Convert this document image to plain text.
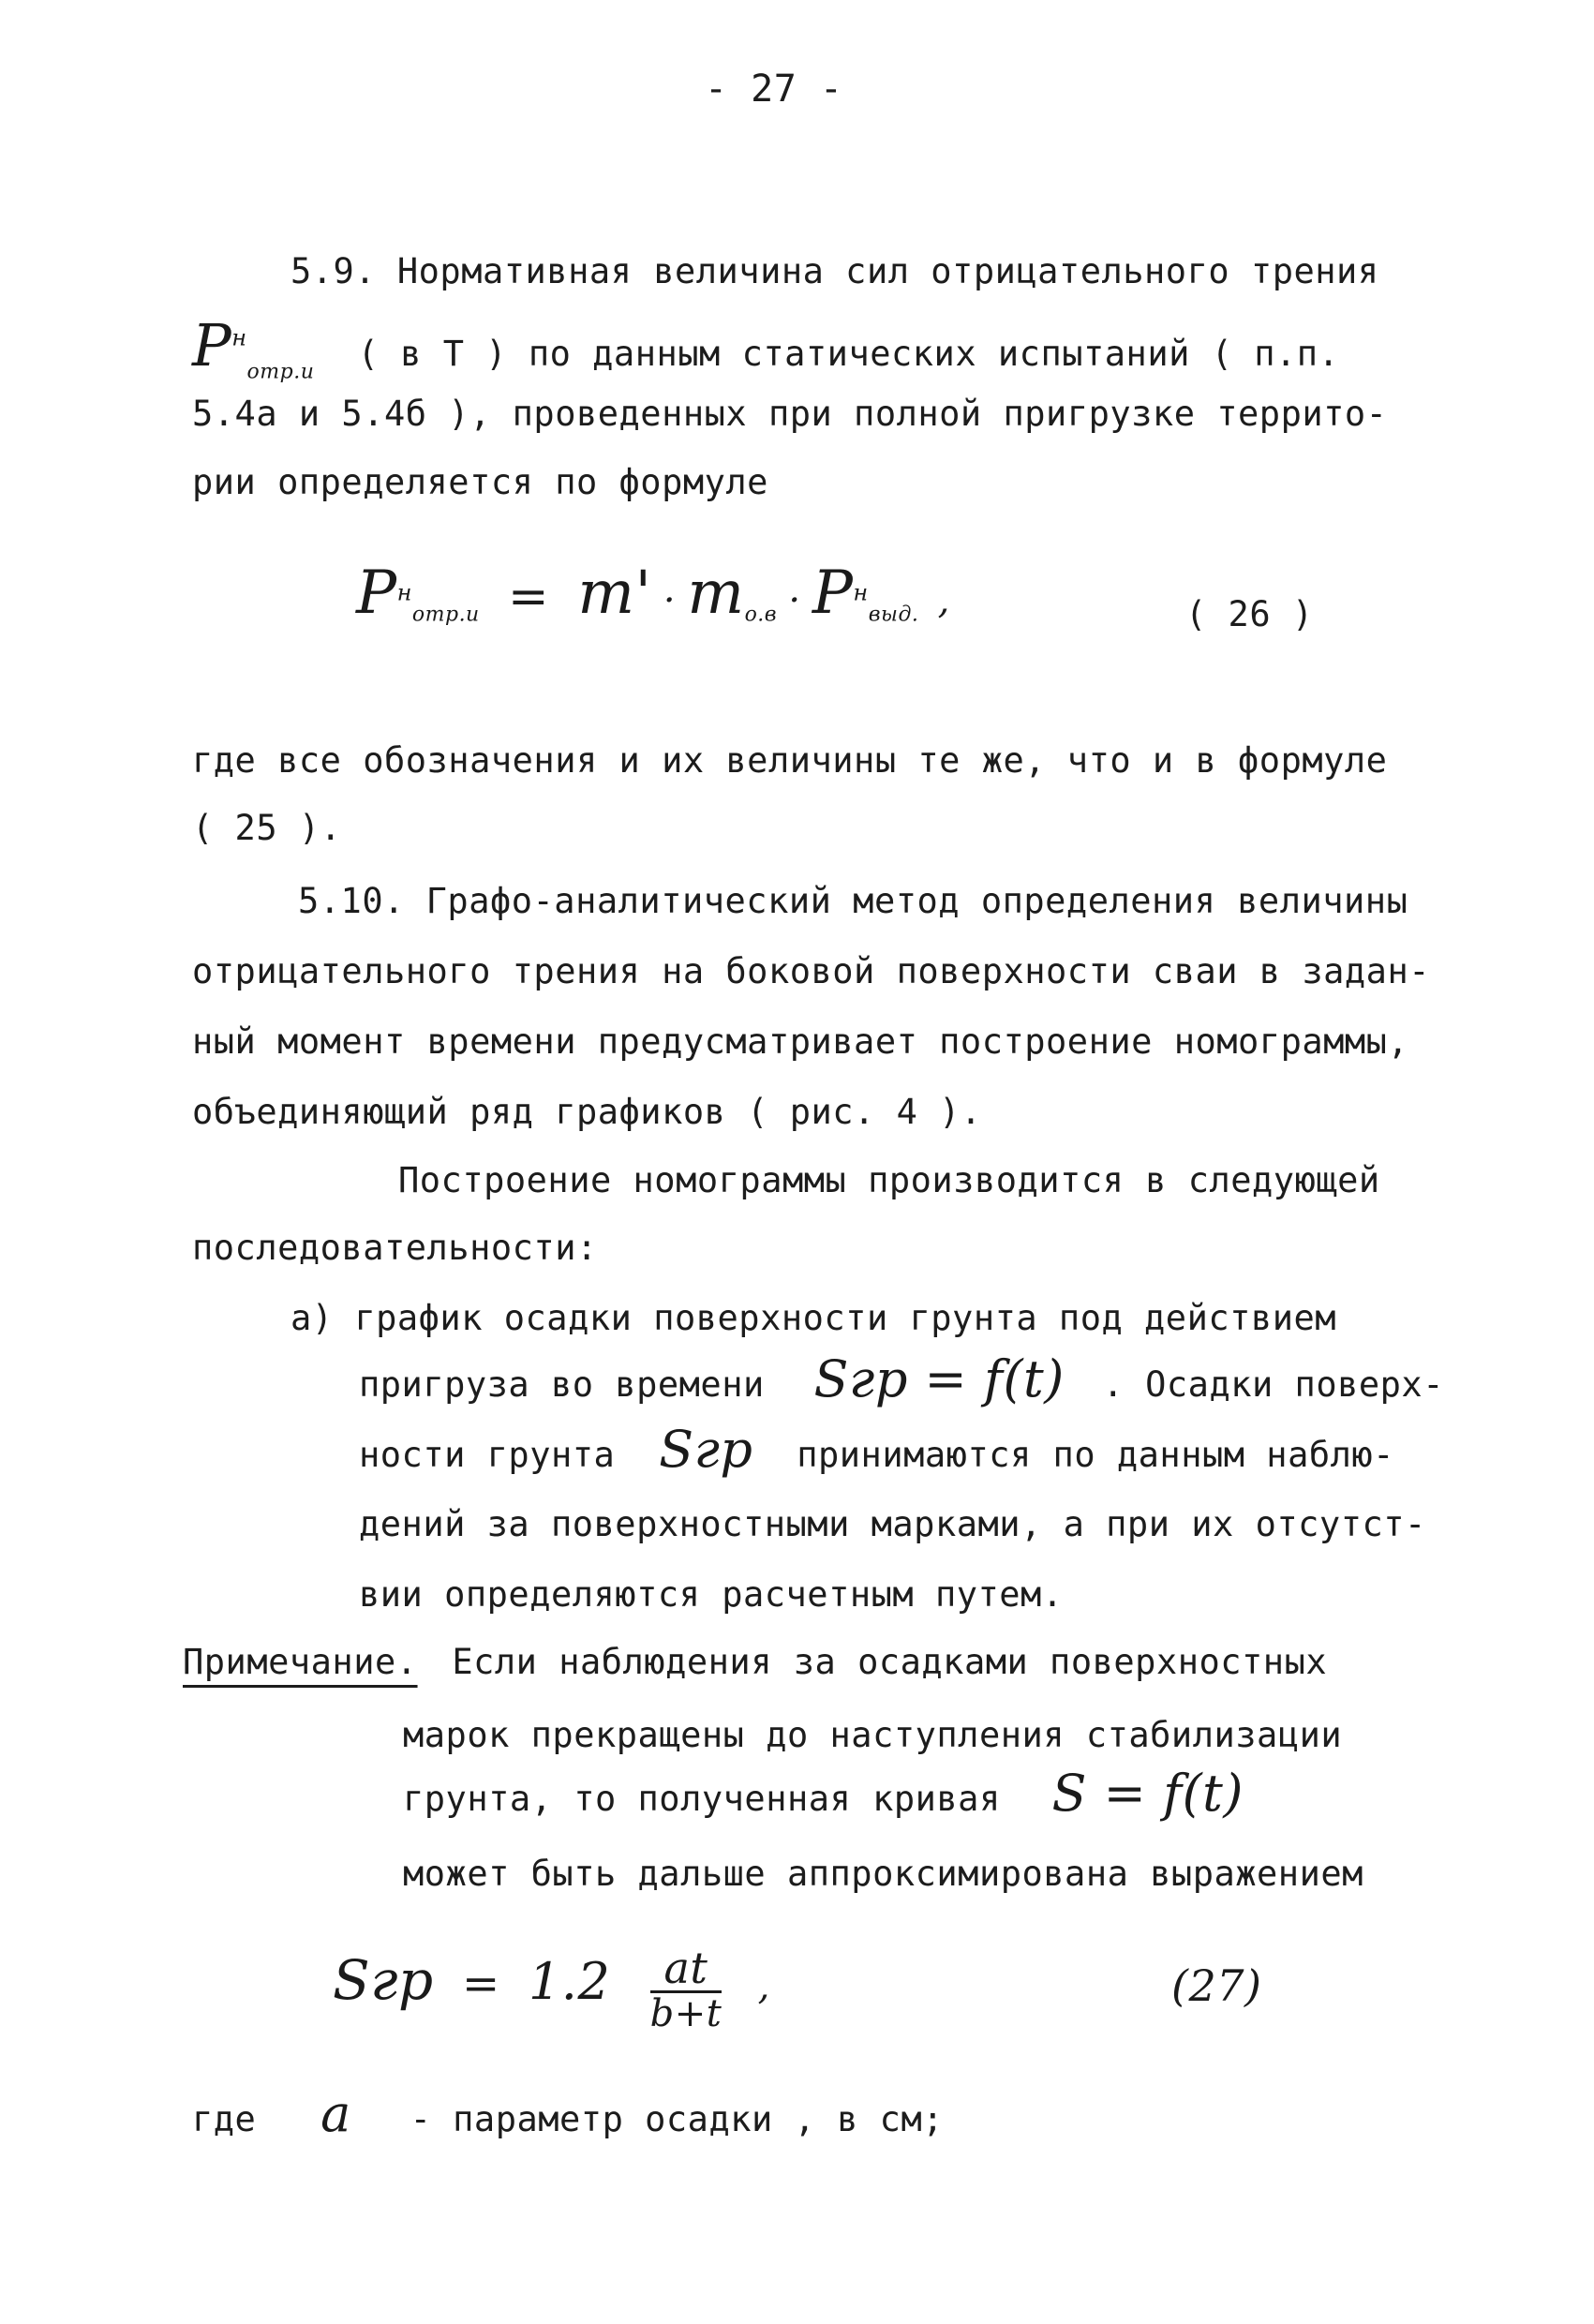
- 27 -
5.9. Нормативная величина сил отрицательного трения
$P^н_{отр.и}$ ( в Т ) по данным статических испытаний ( п.п.
5.4а и 5.4б ), проведенных при полной пригрузке террито-
рии определяется по формуле
$P^н_{отр.и} = m' \cdot m_{о.в} \cdot P^н_{выд.}$ ,	( 26 )
где все обозначения и их величины те же, что и в формуле
( 25 ).
5.10. Графо-аналитический метод определения величины
отрицательного трения на боковой поверхности сваи в задан-
ный момент времени предусматривает построение номограммы,
объединяющий ряд графиков ( рис. 4 ).
Построение номограммы производится в следующей
последовательности:
а) график осадки поверхности грунта под действием
пригруза во времени Sгр = f(t) . Осадки поверх-
ности грунта Sгр принимаются по данным наблю-
дений за поверхностными марками, а при их отсутст-
вии определяются расчетным путем.
Примечание. Если наблюдения за осадками поверхностных
марок прекращены до наступления стабилизации
грунта, то полученная кривая S = f(t)
может быть дальше аппроксимирована выражением
Sгр = $1.2 \frac{at}{b+t}$ ,	(27)
где a - параметр осадки , в см;
